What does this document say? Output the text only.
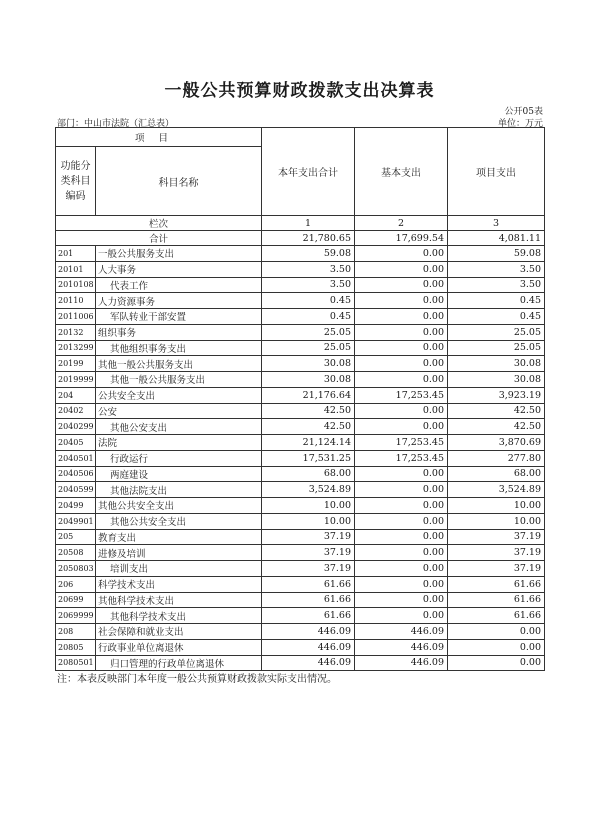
一般公共预算财政拨款支出决算表
公开05表
部门：中山市法院（汇总表）	单位：万元
项目		本年支出合计	基本支出	项目支出
功能分类科目编码	科目名称			
栏次		1	2	3
合计		21,780.65	17,699.54	4,081.11
201	一般公共服务支出	59.08	0.00	59.08
20101	人大事务	3.50	0.00	3.50
2010108	代表工作	3.50	0.00	3.50
20110	人力资源事务	0.45	0.00	0.45
2011006	军队转业干部安置	0.45	0.00	0.45
20132	组织事务	25.05	0.00	25.05
2013299	其他组织事务支出	25.05	0.00	25.05
20199	其他一般公共服务支出	30.08	0.00	30.08
2019999	其他一般公共服务支出	30.08	0.00	30.08
204	公共安全支出	21,176.64	17,253.45	3,923.19
20402	公安	42.50	0.00	42.50
2040299	其他公安支出	42.50	0.00	42.50
20405	法院	21,124.14	17,253.45	3,870.69
2040501	行政运行	17,531.25	17,253.45	277.80
2040506	两庭建设	68.00	0.00	68.00
2040599	其他法院支出	3,524.89	0.00	3,524.89
20499	其他公共安全支出	10.00	0.00	10.00
2049901	其他公共安全支出	10.00	0.00	10.00
205	教育支出	37.19	0.00	37.19
20508	进修及培训	37.19	0.00	37.19
2050803	培训支出	37.19	0.00	37.19
206	科学技术支出	61.66	0.00	61.66
20699	其他科学技术支出	61.66	0.00	61.66
2069999	其他科学技术支出	61.66	0.00	61.66
208	社会保障和就业支出	446.09	446.09	0.00
20805	行政事业单位离退休	446.09	446.09	0.00
2080501	归口管理的行政单位离退休	446.09	446.09	0.00
注：本表反映部门本年度一般公共预算财政拨款实际支出情况。
